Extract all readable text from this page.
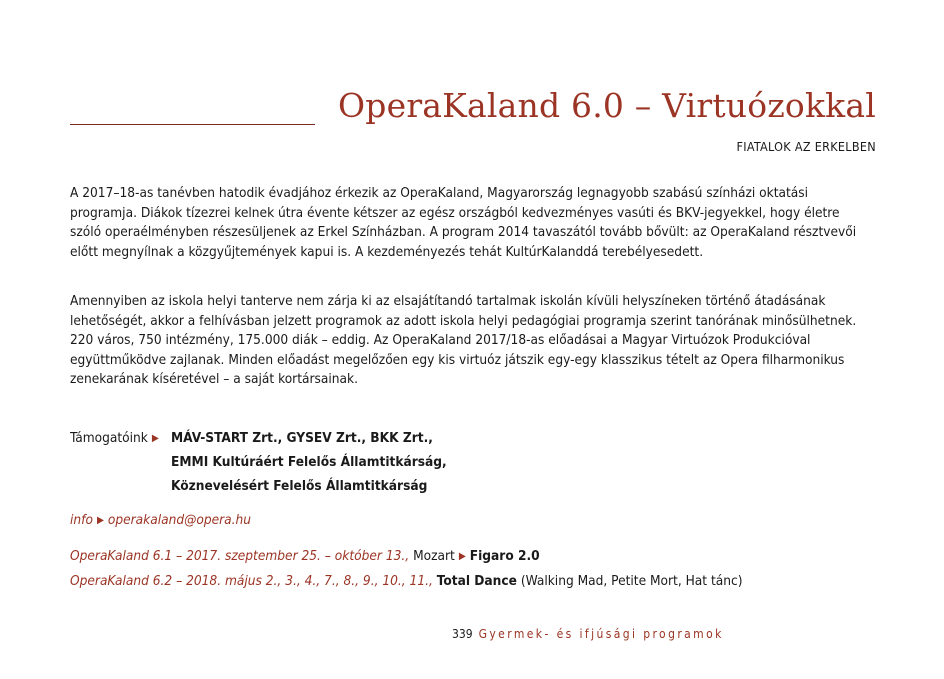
OperaKaland 6.0 – Virtuózokkal
FIATALOK AZ ERKELBEN
A 2017–18-as tanévben hatodik évadjához érkezik az OperaKaland, Magyarország legnagyobb szabású színházi oktatási programja. Diákok tízezrei kelnek útra évente kétszer az egész országból kedvezményes vasúti és BKV-jegyekkel, hogy életre szóló operaélményben részesüljenek az Erkel Színházban. A program 2014 tavaszától tovább bővült: az OperaKaland résztvevői előtt megnyílnak a közgyűjtemények kapui is. A kezdeményezés tehát KultúrKalanddá terebélyesedett.
Amennyiben az iskola helyi tanterve nem zárja ki az elsajátítandó tartalmak iskolán kívüli helyszíneken történő átadásának lehetőségét, akkor a felhívásban jelzett programok az adott iskola helyi pedagógiai programja szerint tanórának minősülhetnek. 220 város, 750 intézmény, 175.000 diák – eddig. Az OperaKaland 2017/18-as előadásai a Magyar Virtuózok Produkcióval együttműködve zajlanak. Minden előadást megelőzően egy kis virtuóz játszik egy-egy klasszikus tételt az Opera filharmonikus zenekarának kíséretével – a saját kortársainak.
Támogatóink ▶ MÁV-START Zrt., GYSEV Zrt., BKK Zrt.,
EMMI Kultúráért Felelős Államtitkárság,
Köznevelésért Felelős Államtitkárság
info ▶ operakaland@opera.hu
OperaKaland 6.1 – 2017. szeptember 25. – október 13., Mozart ▶ Figaro 2.0
OperaKaland 6.2 – 2018. május 2., 3., 4., 7., 8., 9., 10., 11., Total Dance (Walking Mad, Petite Mort, Hat tánc)
339 Gyermek- és ifjúsági programok
